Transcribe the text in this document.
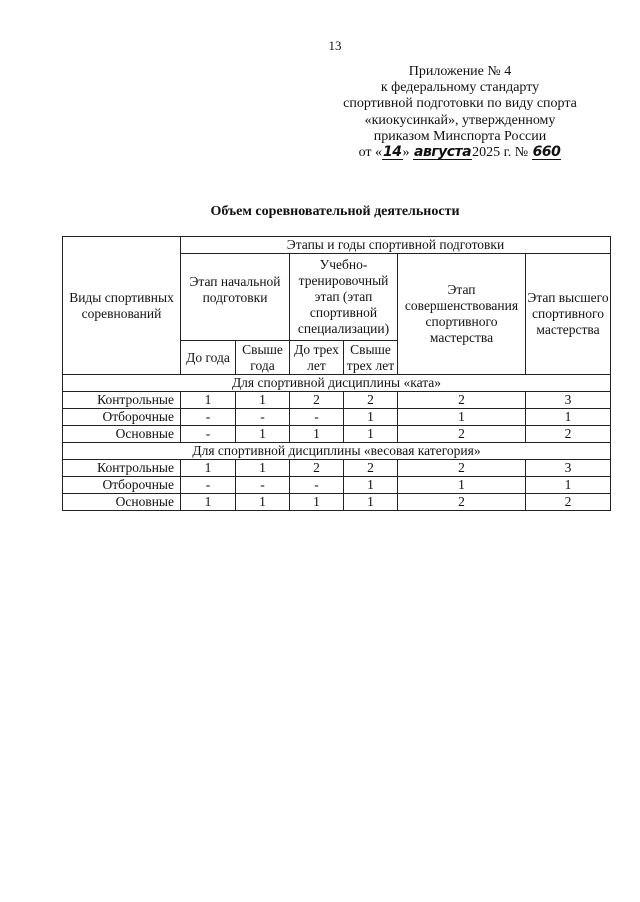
13
Приложение № 4
к федеральному стандарту
спортивной подготовки по виду спорта
«киокусинкай», утвержденному
приказом Минспорта России
от «14» августа2025 г. № 660
Объем соревновательной деятельности
Виды спортивных соревнований	Этапы и годы спортивной подготовки					
	Этап начальной подготовки		Учебно-тренировочный этап (этап спортивной специализации)		Этап совершенствования спортивного мастерства	Этап высшего спортивного мастерства
	До года	Свыше года	До трех лет	Свыше трех лет		
Для спортивной дисциплины «ката»						
Контрольные	1	1	2	2	2	3
Отборочные	-	-	-	1	1	1
Основные	-	1	1	1	2	2
Для спортивной дисциплины «весовая категория»						
Контрольные	1	1	2	2	2	3
Отборочные	-	-	-	1	1	1
Основные	1	1	1	1	2	2
